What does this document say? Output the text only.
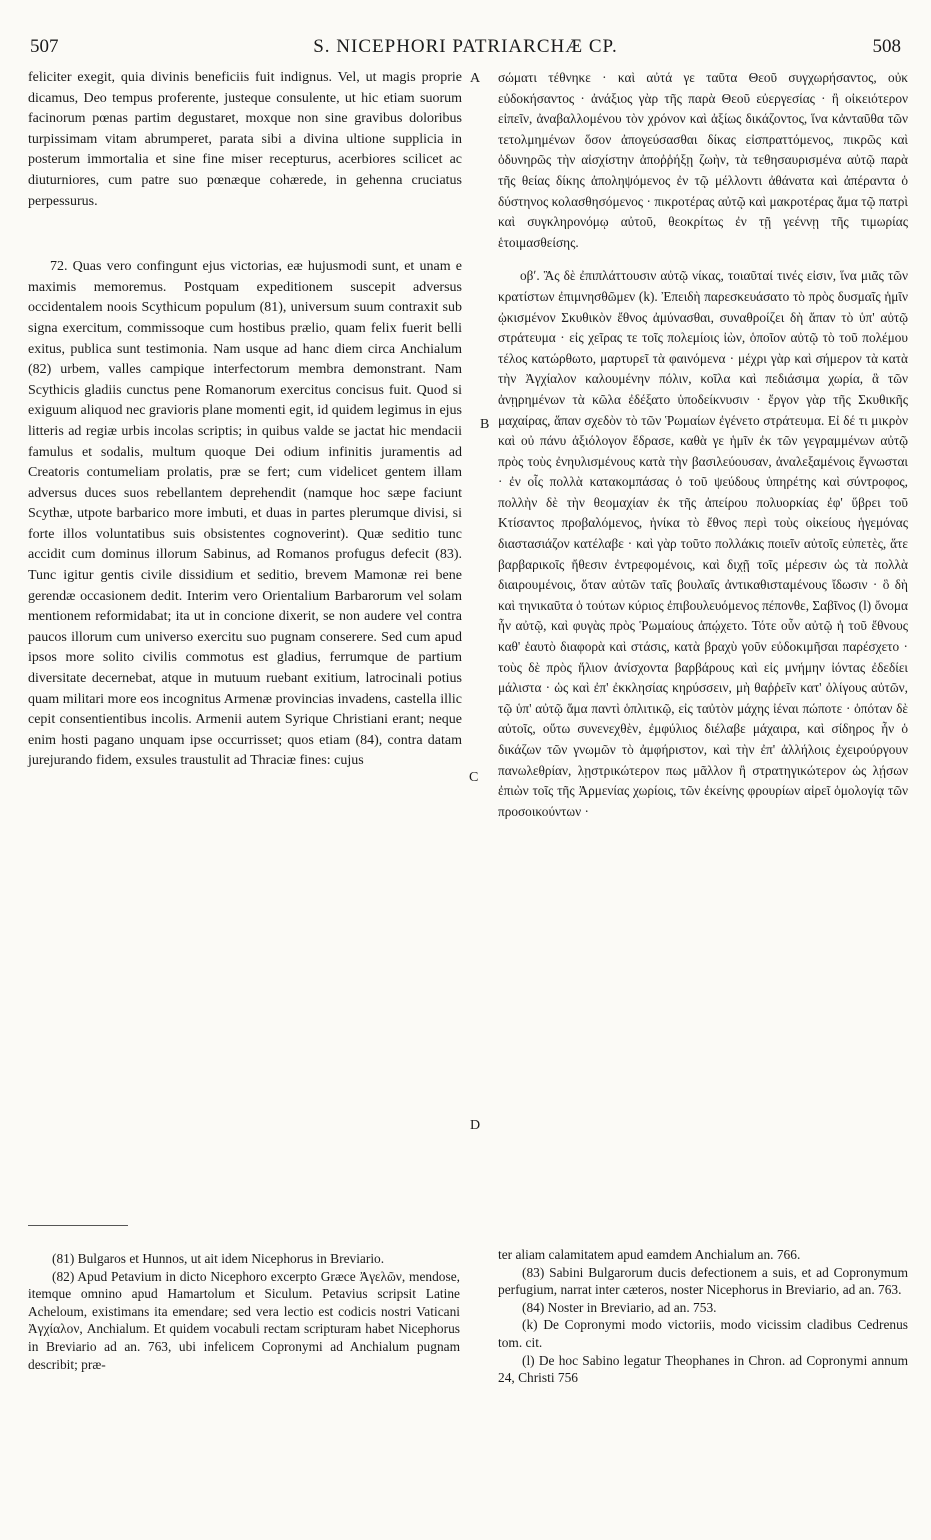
507	S. NICEPHORI PATRIARCHÆ CP.	508

feliciter exegit, quia divinis beneficiis fuit indignus. Vel, ut magis proprie dicamus, Deo tempus proferente, justeque consulente, ut hic etiam suorum facinorum pœnas partim degustaret, moxque non sine gravibus doloribus turpissimam vitam abrumperet, parata sibi a divina ultione supplicia in posterum immortalia et sine fine miser recepturus, acerbiores scilicet ac diuturniores, cum patre suo pœnæque cohærede, in gehenna cruciatus perpessurus.

72. Quas vero confingunt ejus victorias, eæ hujusmodi sunt, et unam e maximis memoremus. Postquam expeditionem suscepit adversus occidentalem noois Scythicum populum (81), universum suum contraxit sub signa exercitum, commissoque cum hostibus prælio, quam felix fuerit belli exitus, publica sunt testimonia. Nam usque ad hanc diem circa Anchialum (82) urbem, valles campique interfectorum membra demonstrant. Nam Scythicis gladiis cunctus pene Romanorum exercitus concisus fuit. Quod si exiguum aliquod nec gravioris plane momenti egit, id quidem legimus in ejus litteris ad regiæ urbis incolas scriptis; in quibus valde se jactat hic mendacii famulus et sodalis, multum quoque Dei odium infinitis juramentis ad Creatoris contumeliam prolatis, præ se fert; cum videlicet gentem illam adversus duces suos rebellantem deprehendit (namque hoc sæpe faciunt Scythæ, utpote barbarico more imbuti, et duas in partes plerumque divisi, si forte illos voluntatibus suis obsistentes cognoverint). Quæ seditio tunc accidit cum dominus illorum Sabinus, ad Romanos profugus defecit (83). Tunc igitur gentis civile dissidium et seditio, brevem Mamonæ rei bene gerendæ occasionem dedit. Interim vero Orientalium Barbarorum vel solam mentionem reformidabat; ita ut in concione dixerit, se non audere vel contra paucos illorum cum universo exercitu suo pugnam conserere. Sed cum apud ipsos more solito civilis commotus est gladius, ferrumque de partium diversitate decernebat, atque in mutuum ruebant exitium, latrocinali potius quam militari more eos incognitus Armenæ provincias invadens, castella illic cepit consentientibus incolis. Armenii autem Syrique Christiani erant; neque enim hosti pagano unquam ipse occurrisset; quos etiam (84), contra datam jurejurando fidem, exsules traustulit ad Thraciæ fines: cujus

A
B
C
D

σώματι τέθνηκε · καὶ αὐτά γε ταῦτα Θεοῦ συγχωρήσαντος, οὐκ εὐδοκήσαντος · ἀνάξιος γὰρ τῆς παρὰ Θεοῦ εὐεργεσίας · ἢ οἰκειότερον εἰπεῖν, ἀναβαλλομένου τὸν χρόνον καὶ ἀξίως δικάζοντος, ἵνα κἀνταῦθα τῶν τετολμημένων ὅσον ἀπογεύσασθαι δίκας εἰσπραττόμενος, πικρῶς καὶ ὀδυνηρῶς τὴν αἰσχίστην ἀποῤῥήξῃ ζωὴν, τὰ τεθησαυρισμένα αὐτῷ παρὰ τῆς θείας δίκης ἀποληψόμενος ἐν τῷ μέλλοντι ἀθάνατα καὶ ἀπέραντα ὁ δύστηνος κολασθησόμενος · πικροτέρας αὐτῷ καὶ μακροτέρας ἅμα τῷ πατρὶ καὶ συγκληρονόμῳ αὐτοῦ, θεοκρίτως ἐν τῇ γεέννῃ τῆς τιμωρίας ἑτοιμασθείσης.

οβʹ. Ἃς δὲ ἐπιπλάττουσιν αὐτῷ νίκας, τοιαῦταί τινές εἰσιν, ἵνα μιᾶς τῶν κρατίστων ἐπιμνησθῶμεν (k). Ἐπειδὴ παρεσκευάσατο τὸ πρὸς δυσμαῖς ἡμῖν ᾠκισμένον Σκυθικὸν ἔθνος ἀμύνασθαι, συναθροίζει δὴ ἅπαν τὸ ὑπ' αὐτῷ στράτευμα · εἰς χεῖρας τε τοῖς πολεμίοις ἰὼν, ὁποῖον αὐτῷ τὸ τοῦ πολέμου τέλος κατώρθωτο, μαρτυρεῖ τὰ φαινόμενα · μέχρι γὰρ καὶ σήμερον τὰ κατὰ τὴν Ἀγχίαλον καλουμένην πόλιν, κοῖλα καὶ πεδιάσιμα χωρία, ἃ τῶν ἀνῃρημένων τὰ κῶλα ἐδέξατο ὑποδείκνυσιν · ἔργον γὰρ τῆς Σκυθικῆς μαχαίρας, ἅπαν σχεδὸν τὸ τῶν Ῥωμαίων ἐγένετο στράτευμα. Εἰ δέ τι μικρὸν καὶ οὐ πάνυ ἀξιόλογον ἔδρασε, καθὰ γε ἡμῖν ἐκ τῶν γεγραμμένων αὐτῷ πρὸς τοὺς ἐνηυλισμένους κατὰ τὴν βασιλεύουσαν, ἀναλεξαμένοις ἔγνωσται · ἐν οἷς πολλὰ κατακομπάσας ὁ τοῦ ψεύδους ὑπηρέτης καὶ σύντροφος, πολλὴν δὲ τὴν θεομαχίαν ἐκ τῆς ἀπείρου πολυορκίας ἐφ' ὕβρει τοῦ Κτίσαντος προβαλόμενος, ἡνίκα τὸ ἔθνος περὶ τοὺς οἰκείους ἡγεμόνας διαστασιάζον κατέλαβε · καὶ γὰρ τοῦτο πολλάκις ποιεῖν αὐτοῖς εὐπετὲς, ἅτε βαρβαρικοῖς ἤθεσιν ἐντρεφομένοις, καὶ διχῇ τοῖς μέρεσιν ὡς τὰ πολλὰ διαιρουμένοις, ὅταν αὐτῶν ταῖς βουλαῖς ἀντικαθισταμένους ἴδωσιν · ὃ δὴ καὶ τηνικαῦτα ὁ τούτων κύριος ἐπιβουλευόμενος πέπονθε, Σαβῖνος (l) ὄνομα ἦν αὐτῷ, καὶ φυγὰς πρὸς Ῥωμαίους ἀπῴχετο. Τότε οὖν αὐτῷ ἡ τοῦ ἔθνους καθ' ἑαυτὸ διαφορὰ καὶ στάσις, κατὰ βραχὺ γοῦν εὐδοκιμῆσαι παρέσχετο · τοὺς δὲ πρὸς ἥλιον ἀνίσχοντα βαρβάρους καὶ εἰς μνήμην ἰόντας ἐδεδίει μάλιστα · ὡς καὶ ἐπ' ἐκκλησίας κηρύσσειν, μὴ θαῤῥεῖν κατ' ὀλίγους αὐτῶν, τῷ ὑπ' αὐτῷ ἅμα παντὶ ὁπλιτικῷ, εἰς ταὐτὸν μάχης ἰέναι πώποτε · ὁπόταν δὲ αὐτοῖς, οὕτω συνενεχθὲν, ἐμφύλιος διέλαβε μάχαιρα, καὶ σίδηρος ἦν ὁ δικάζων τῶν γνωμῶν τὸ ἀμφήριστον, καὶ τὴν ἐπ' ἀλλήλοις ἐχειρούργουν πανωλεθρίαν, λῃστρικώτερον πως μᾶλλον ἢ στρατηγικώτερον ὡς λῄσων ἐπιὼν τοῖς τῆς Ἀρμενίας χωρίοις, τῶν ἐκείνης φρουρίων αἱρεῖ ὁμολογίᾳ τῶν προσοικούντων ·

(81) Bulgaros et Hunnos, ut ait idem Nicephorus in Breviario.

(82) Apud Petavium in dicto Nicephoro excerpto Græce Ἀγελῶν, mendose, itemque omnino apud Hamartolum et Siculum. Petavius scripsit Latine Acheloum, existimans ita emendare; sed vera lectio est codicis nostri Vaticani Ἀγχίαλον, Anchialum. Et quidem vocabuli rectam scripturam habet Nicephorus in Breviario ad an. 763, ubi infelicem Copronymi ad Anchialum pugnam describit; præ-

ter aliam calamitatem apud eamdem Anchialum an. 766.

(83) Sabini Bulgarorum ducis defectionem a suis, et ad Copronymum perfugium, narrat inter cæteros, noster Nicephorus in Breviario, ad an. 763.

(84) Noster in Breviario, ad an. 753.

(k) De Copronymi modo victoriis, modo vicissim cladibus Cedrenus tom. cit.

(l) De hoc Sabino legatur Theophanes in Chron. ad Copronymi annum 24, Christi 756
